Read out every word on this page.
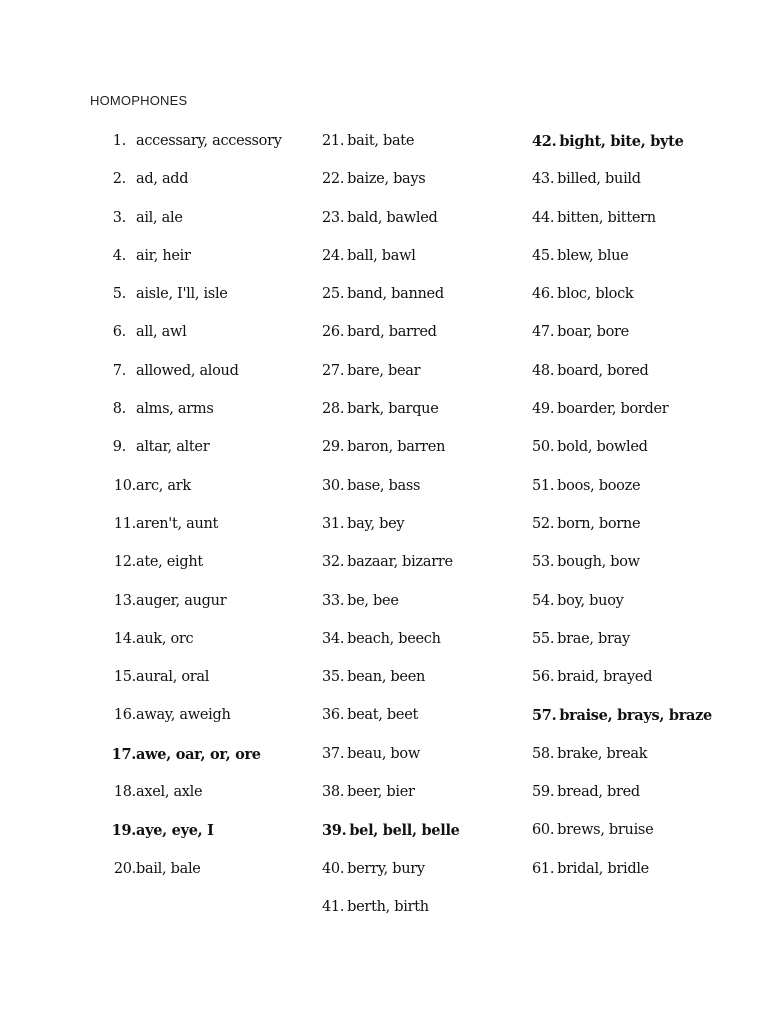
HOMOPHONES
1. accessary, accessory
2. ad, add
3. ail, ale
4. air, heir
5. aisle, I'll, isle
6. all, awl
7. allowed, aloud
8. alms, arms
9. altar, alter
10. arc, ark
11. aren't, aunt
12. ate, eight
13. auger, augur
14. auk, orc
15. aural, oral
16. away, aweigh
17. awe, oar, or, ore
18. axel, axle
19. aye, eye, I
20. bail, bale
21. bait, bate
22. baize, bays
23. bald, bawled
24. ball, bawl
25. band, banned
26. bard, barred
27. bare, bear
28. bark, barque
29. baron, barren
30. base, bass
31. bay, bey
32. bazaar, bizarre
33. be, bee
34. beach, beech
35. bean, been
36. beat, beet
37. beau, bow
38. beer, bier
39. bel, bell, belle
40. berry, bury
41. berth, birth
42. bight, bite, byte
43. billed, build
44. bitten, bittern
45. blew, blue
46. bloc, block
47. boar, bore
48. board, bored
49. boarder, border
50. bold, bowled
51. boos, booze
52. born, borne
53. bough, bow
54. boy, buoy
55. brae, bray
56. braid, brayed
57. braise, brays, braze
58. brake, break
59. bread, bred
60. brews, bruise
61. bridal, bridle
